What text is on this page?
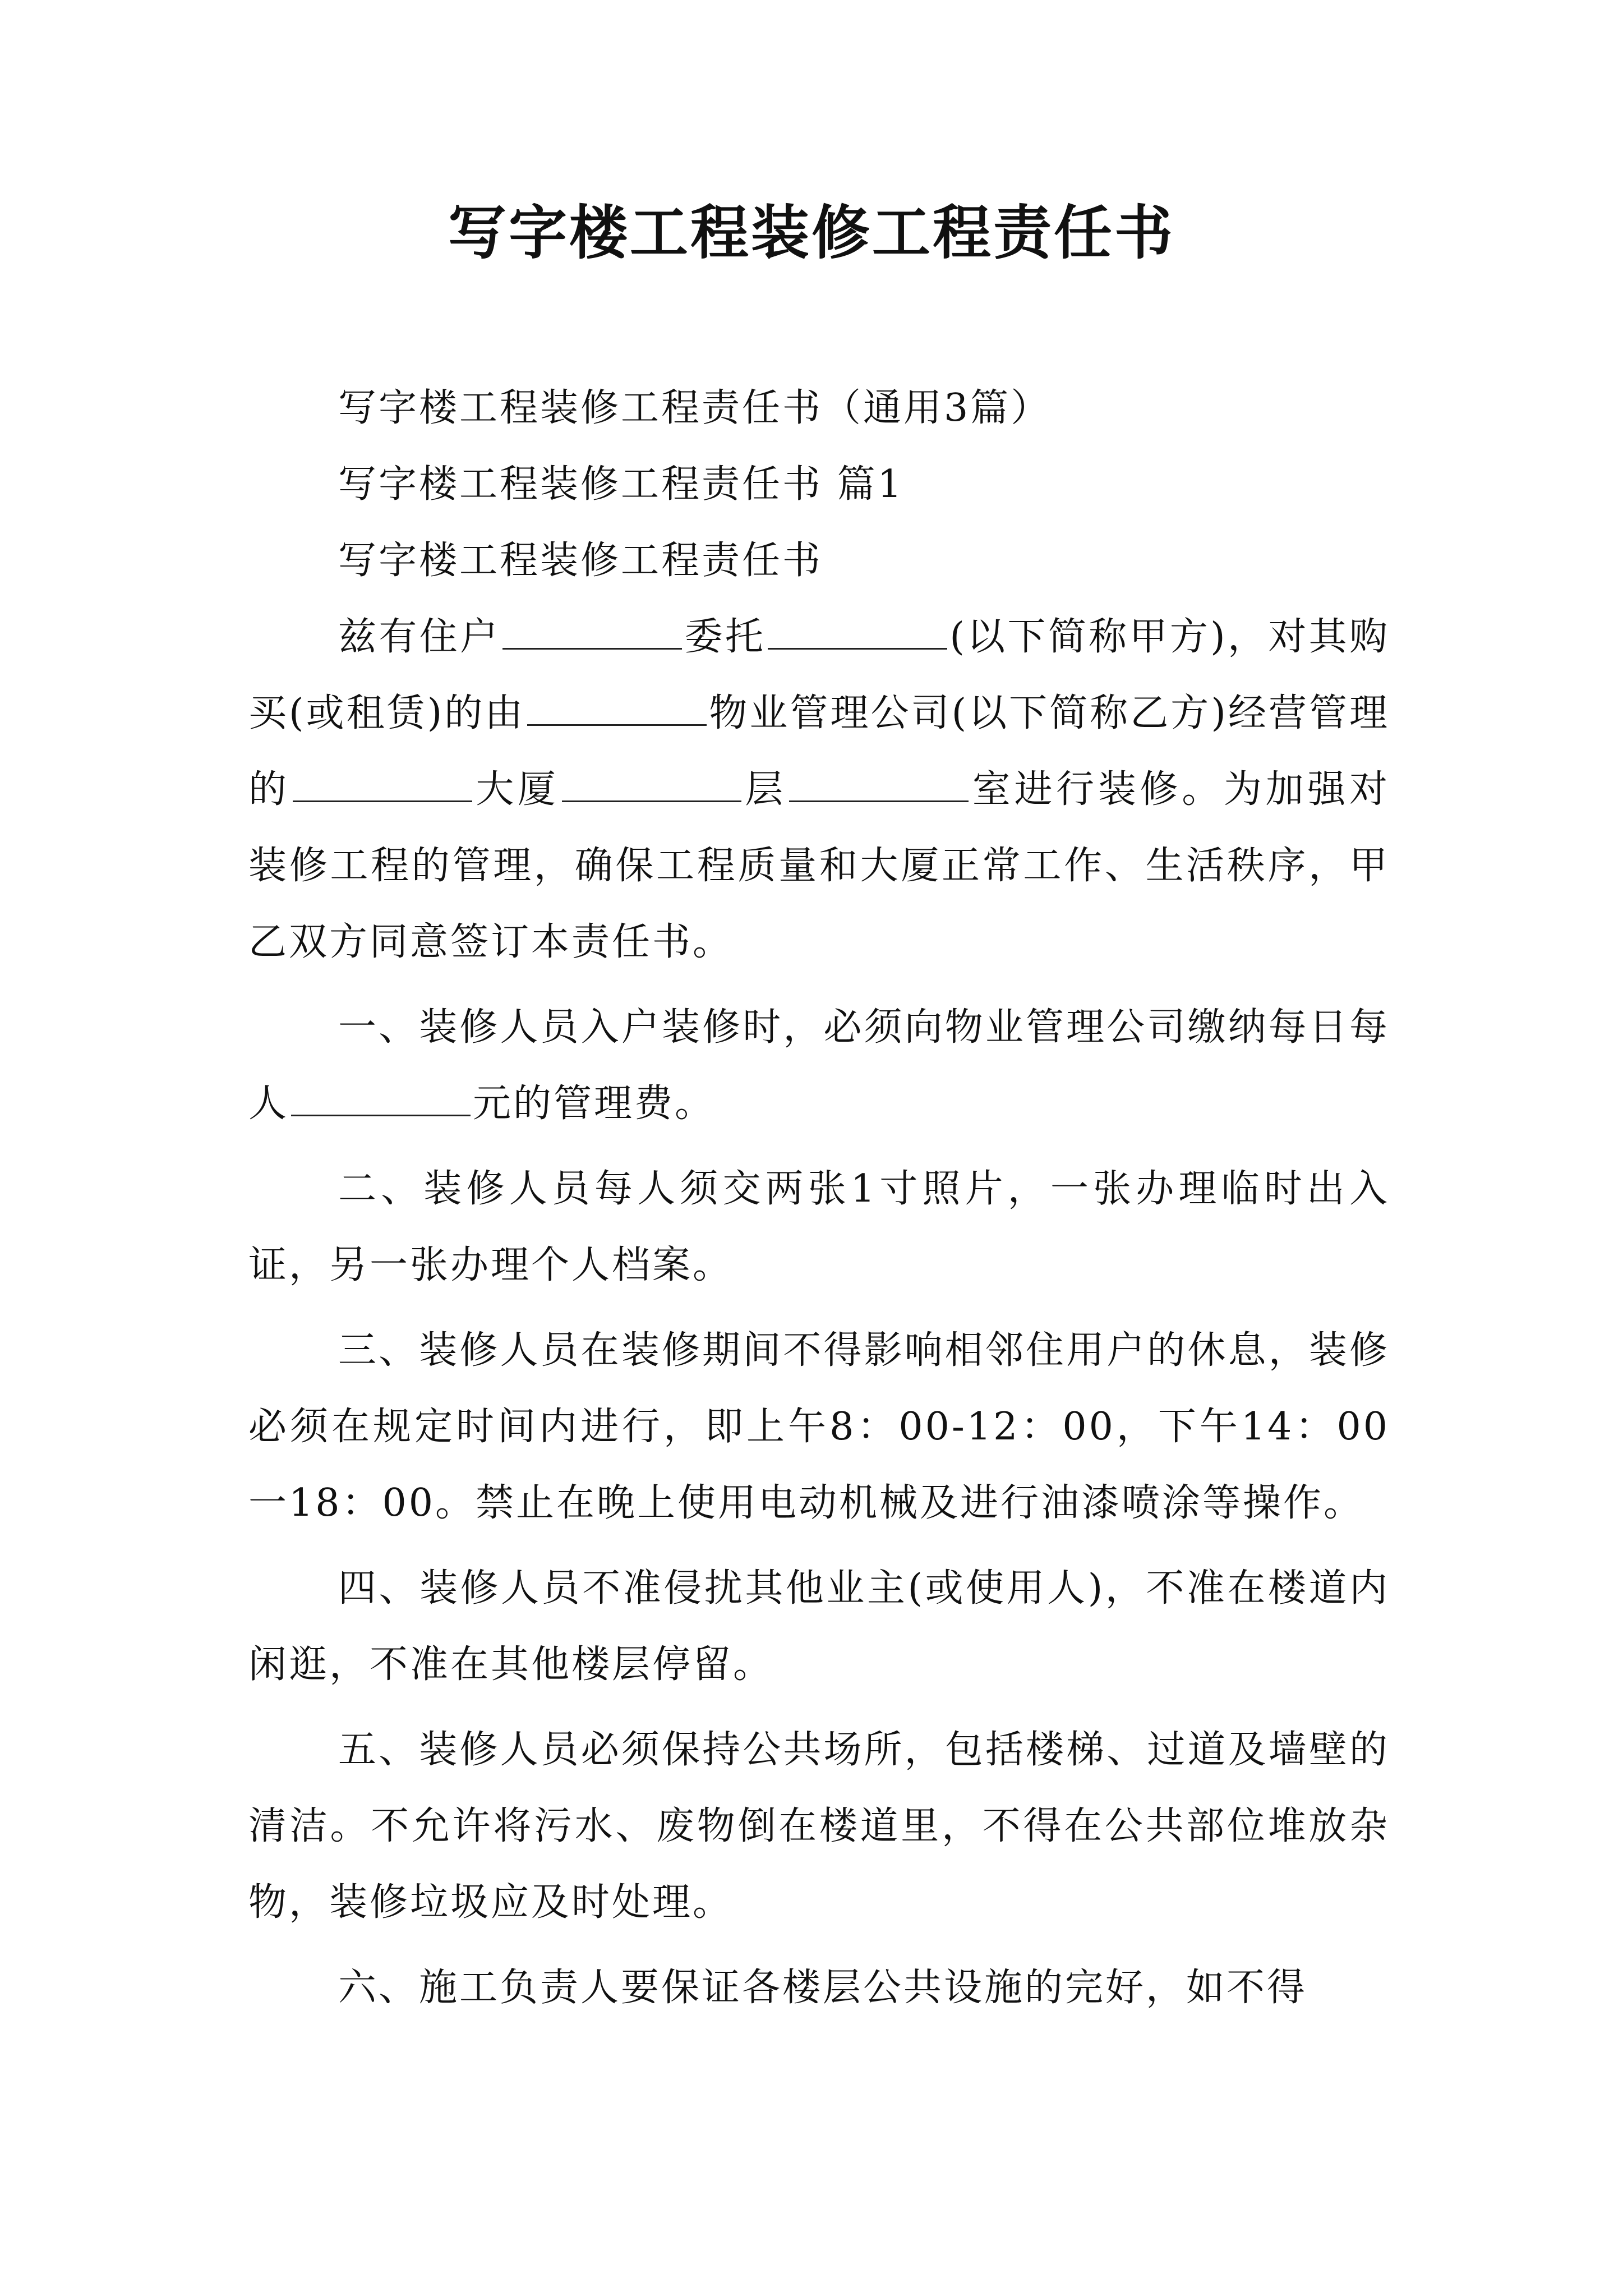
写字楼工程装修工程责任书

写字楼工程装修工程责任书（通用3篇）

写字楼工程装修工程责任书 篇1

写字楼工程装修工程责任书

兹有住户	委托	(以下简称甲方)，对其购买(或租赁)的由	物业管理公司(以下简称乙方)经营管理的	大厦	层	室进行装修。为加强对装修工程的管理，确保工程质量和大厦正常工作、生活秩序，甲乙双方同意签订本责任书。

一、装修人员入户装修时，必须向物业管理公司缴纳每日每人	元的管理费。

二、装修人员每人须交两张1寸照片，一张办理临时出入证，另一张办理个人档案。

三、装修人员在装修期间不得影响相邻住用户的休息，装修必须在规定时间内进行，即上午8：00-12：00，下午14：00一18：00。禁止在晚上使用电动机械及进行油漆喷涂等操作。

四、装修人员不准侵扰其他业主(或使用人)，不准在楼道内闲逛，不准在其他楼层停留。

五、装修人员必须保持公共场所，包括楼梯、过道及墙壁的清洁。不允许将污水、废物倒在楼道里，不得在公共部位堆放杂物，装修垃圾应及时处理。

六、施工负责人要保证各楼层公共设施的完好，如不得
